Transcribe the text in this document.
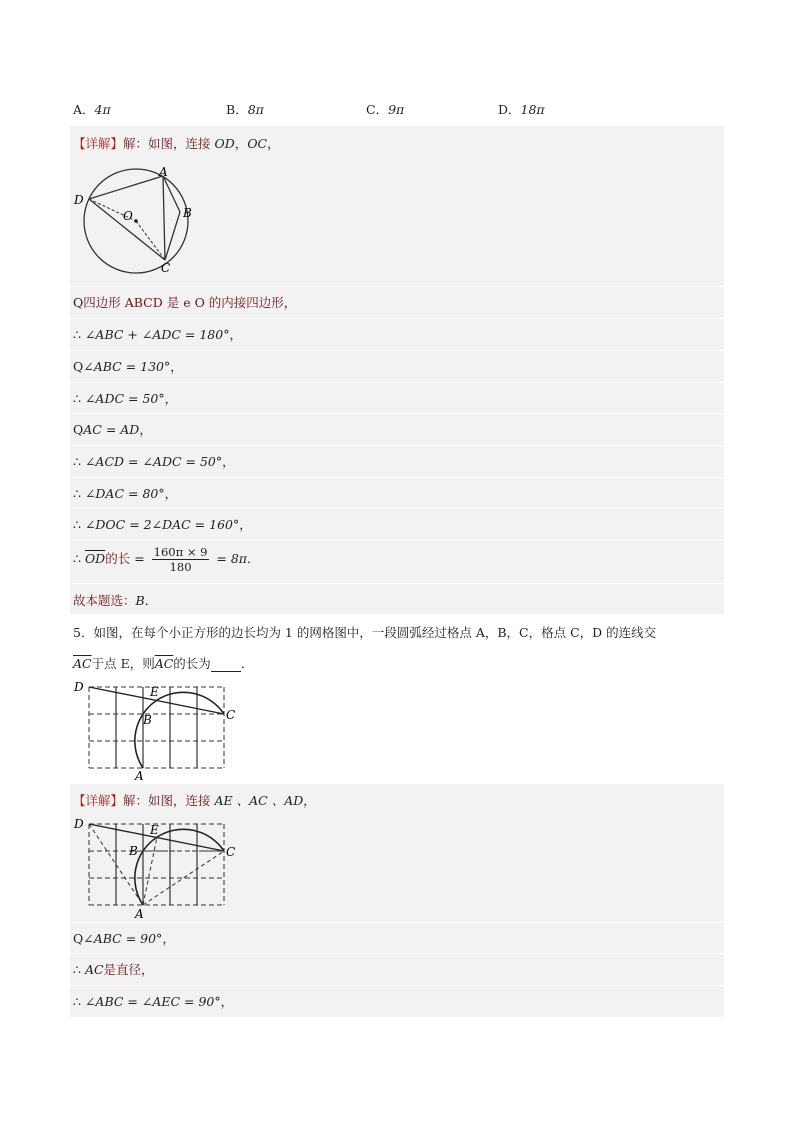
A．4π	B．8π	C．9π	D．18π
【详解】解：如图，连接 OD，OC，
D
A
B
C
O
Q四边形 ABCD 是 e O 的内接四边形，
∴ ∠ABC + ∠ADC = 180°，
Q∠ABC = 130°，
∴ ∠ADC = 50°，
QAC = AD，
∴ ∠ACD = ∠ADC = 50°，
∴ ∠DAC = 80°，
∴ ∠DOC = 2∠DAC = 160°，
∴ $\overline{OD}$的长 = $\frac{160\pi \times 9}{180} = 8\pi$．
故本题选：B．
5．如图，在每个小正方形的边长均为 1 的网格图中，一段圆弧经过格点 A，B，C，格点 C，D 的连线交
$\overline{AC}$于点 E，则$\overline{AC}$的长为 ．
D	E
B	C
A
【详解】解：如图，连接 AE 、AC 、AD，
D	E
B	C
A
Q∠ABC = 90°，
∴ AC是直径，
∴ ∠ABC = ∠AEC = 90°，
